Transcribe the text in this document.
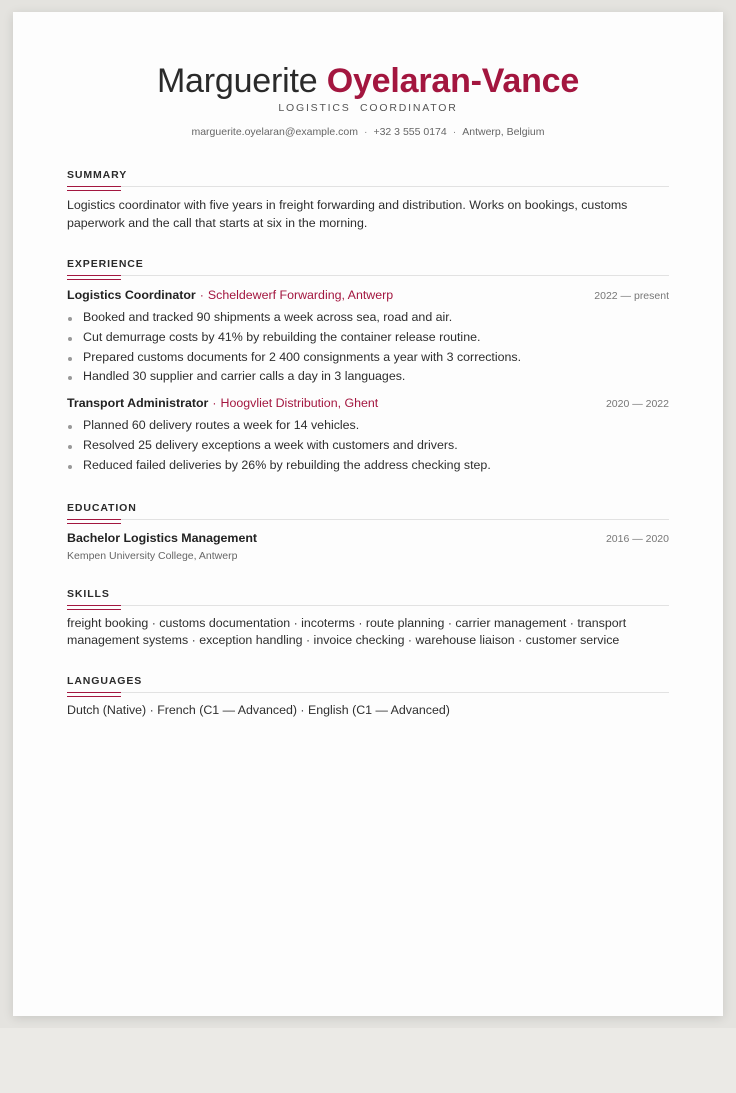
Marguerite Oyelaran-Vance
LOGISTICS  COORDINATOR
marguerite.oyelaran@example.com · +32 3 555 0174 · Antwerp, Belgium
SUMMARY

Logistics coordinator with five years in freight forwarding and distribution. Works on bookings, customs paperwork and the call that starts at six in the morning.

EXPERIENCE
Logistics Coordinator · Scheldewerf Forwarding, Antwerp	2022 — present
Booked and tracked 90 shipments a week across sea, road and air.
Cut demurrage costs by 41% by rebuilding the container release routine.
Prepared customs documents for 2 400 consignments a year with 3 corrections.
Handled 30 supplier and carrier calls a day in 3 languages.
Transport Administrator · Hoogvliet Distribution, Ghent	2020 — 2022
Planned 60 delivery routes a week for 14 vehicles.
Resolved 25 delivery exceptions a week with customers and drivers.
Reduced failed deliveries by 26% by rebuilding the address checking step.
EDUCATION
Bachelor Logistics Management	2016 — 2020
Kempen University College, Antwerp
SKILLS

freight booking · customs documentation · incoterms · route planning · carrier management · transport management systems · exception handling · invoice checking · warehouse liaison · customer service

LANGUAGES

Dutch (Native) · French (C1 — Advanced) · English (C1 — Advanced)
